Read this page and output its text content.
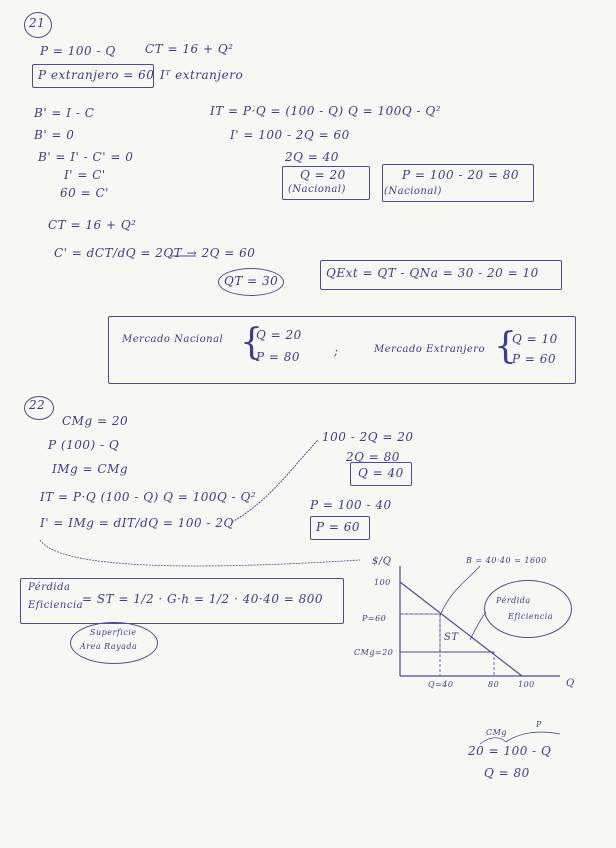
21
P = 100 - Q CT = 16 + Q²
P extranjero = 60 Iᵀ extranjero
B' = I - C
B' = 0
B' = I' - C' = 0
I' = C'
60 = C'
IT = P·Q = (100 - Q) Q = 100Q - Q²
I' = 100 - 2Q = 60
2Q = 40
Q = 20
(Nacional)
P = 100 - 20 = 80
(Nacional)
CT = 16 + Q²
C' = dCT/dQ = 2QT → 2Q = 60
QT = 30
QExt = QT - QNa = 30 - 20 = 10
Mercado Nacional {
Q = 20
P = 80	;	Mercado Extranjero {
Q = 10
P = 60
22
CMg = 20
P (100) - Q
IMg = CMg
IT = P·Q (100 - Q) Q = 100Q - Q²
I' = IMg = dIT/dQ = 100 - 2Q
100 - 2Q = 20
2Q = 80
Q = 40
P = 100 - 40
P = 60
Pérdida
Eficiencia
= ST = 1/2 · G·h = 1/2 · 40·40 = 800
Superficie
Área Rayada
$/Q
100
P=60
CMg=20
Q=40	80 100	Q
ST
B = 40·40 = 1600
Pérdida
Eficiencia
CMg
P
20 = 100 - Q
Q = 80
